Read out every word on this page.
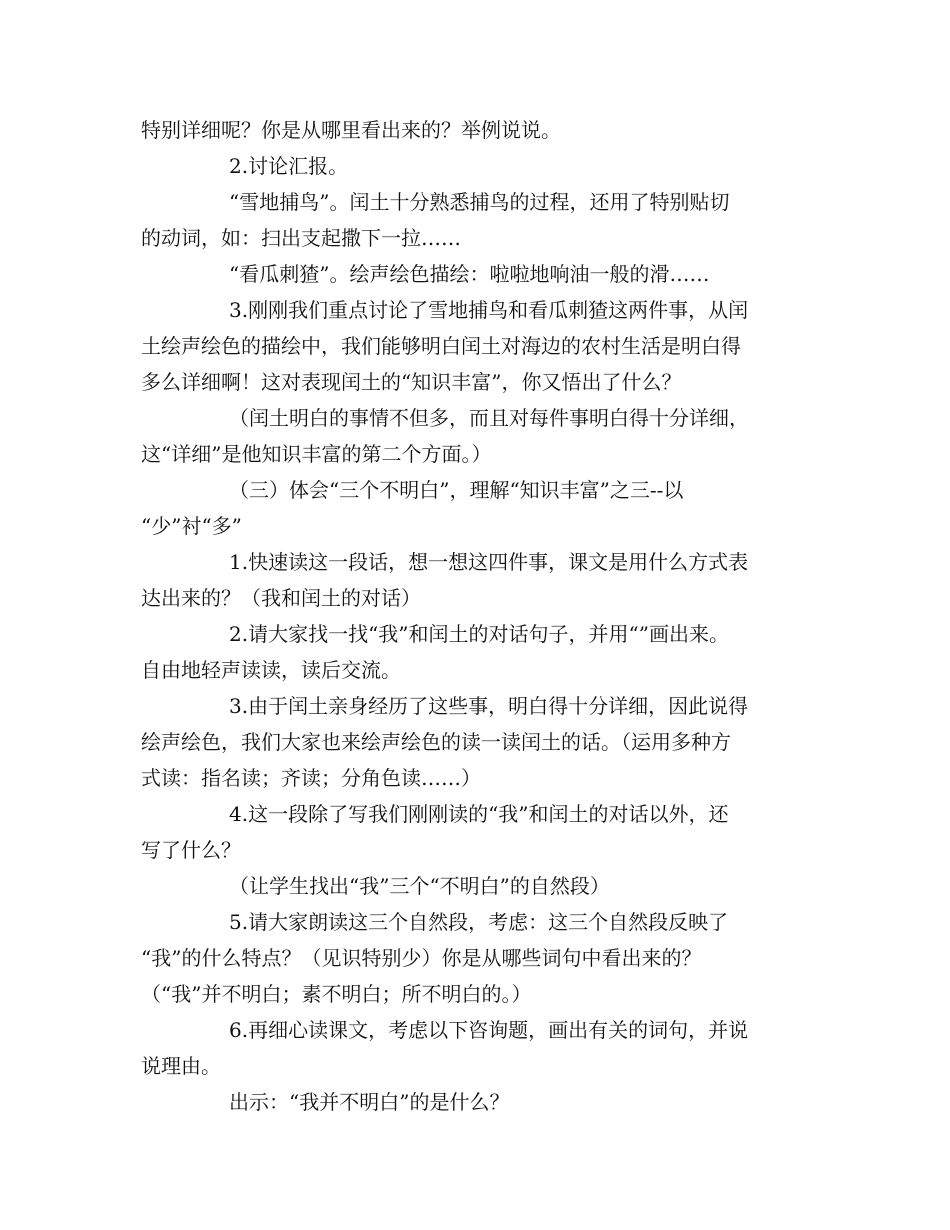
特别详细呢？你是从哪里看出来的？举例说说。

2.讨论汇报。

“雪地捕鸟”。闰土十分熟悉捕鸟的过程，还用了特别贴切

的动词，如：扫出支起撒下一拉……

“看瓜刺猹”。绘声绘色描绘：啦啦地响油一般的滑……

3.刚刚我们重点讨论了雪地捕鸟和看瓜刺猹这两件事，从闰

土绘声绘色的描绘中，我们能够明白闰土对海边的农村生活是明白得

多么详细啊！这对表现闰土的“知识丰富”，你又悟出了什么？

（闰土明白的事情不但多，而且对每件事明白得十分详细，

这“详细”是他知识丰富的第二个方面。）

（三）体会“三个不明白”，理解“知识丰富”之三--以

“少”衬“多”

1.快速读这一段话，想一想这四件事，课文是用什么方式表

达出来的？（我和闰土的对话）

2.请大家找一找“我”和闰土的对话句子，并用“”画出来。

自由地轻声读读，读后交流。

3.由于闰土亲身经历了这些事，明白得十分详细，因此说得

绘声绘色，我们大家也来绘声绘色的读一读闰土的话。（运用多种方

式读：指名读；齐读；分角色读……）

4.这一段除了写我们刚刚读的“我”和闰土的对话以外，还

写了什么？

（让学生找出“我”三个“不明白”的自然段）

5.请大家朗读这三个自然段，考虑：这三个自然段反映了

“我”的什么特点？（见识特别少）你是从哪些词句中看出来的？

（“我”并不明白；素不明白；所不明白的。）

6.再细心读课文，考虑以下咨询题，画出有关的词句，并说

说理由。

出示：“我并不明白”的是什么？
